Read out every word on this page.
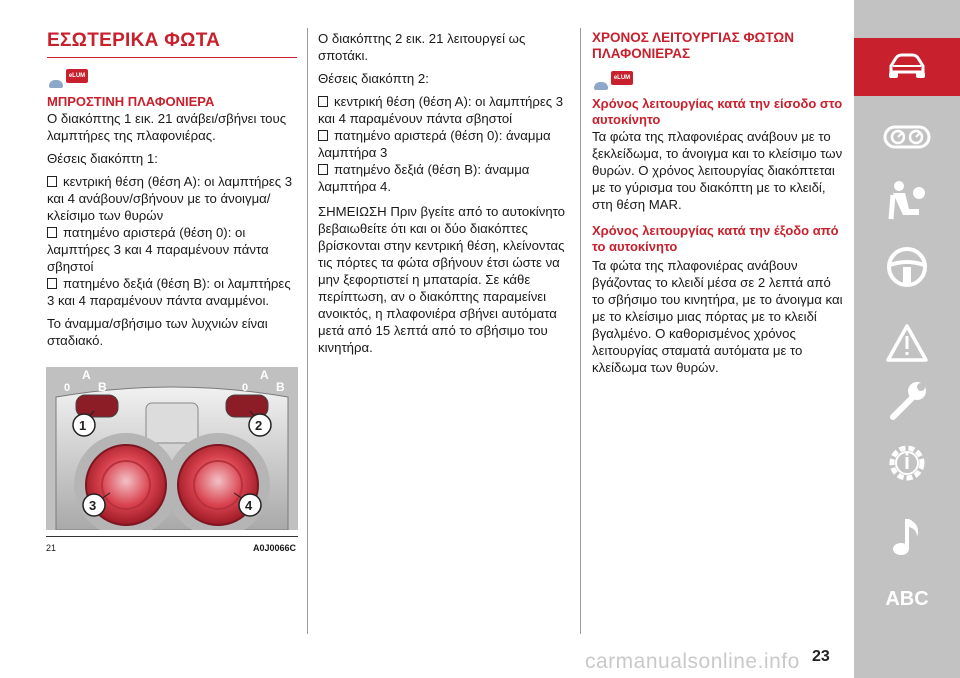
ΕΣΩΤΕΡΙΚΑ ΦΩΤΑ
eLUM
ΜΠΡΟΣΤΙΝΗ ΠΛΑΦΟΝΙΕΡΑ

Ο διακόπτης 1 εικ. 21 ανάβει/σβήνει τους λαμπτήρες της πλαφονιέρας.

Θέσεις διακόπτη 1:

κεντρική θέση (θέση Α): οι λαμπτήρες 3 και 4 ανάβουν/σβήνουν με το άνοιγμα/κλείσιμο των θυρών

πατημένο αριστερά (θέση 0): οι λαμπτήρες 3 και 4 παραμένουν πάντα σβηστοί

πατημένο δεξιά (θέση Β): οι λαμπτήρες 3 και 4 παραμένουν πάντα αναμμένοι.

Το άναμμα/σβήσιμο των λυχνιών είναι σταδιακό.

0
A
B	0
A
B
1	2
3	4
21	A0J0066C

Ο διακόπτης 2 εικ. 21 λειτουργεί ως σποτάκι.

Θέσεις διακόπτη 2:

κεντρική θέση (θέση Α): οι λαμπτήρες 3 και 4 παραμένουν πάντα σβηστοί

πατημένο αριστερά (θέση 0): άναμμα λαμπτήρα 3

πατημένο δεξιά (θέση Β): άναμμα λαμπτήρα 4.

ΣΗΜΕΙΩΣΗ Πριν βγείτε από το αυτοκίνητο βεβαιωθείτε ότι και οι δύο διακόπτες βρίσκονται στην κεντρική θέση, κλείνοντας τις πόρτες τα φώτα σβήνουν έτσι ώστε να μην ξεφορτιστεί η μπαταρία. Σε κάθε περίπτωση, αν ο διακόπτης παραμείνει ανοικτός, η πλαφονιέρα σβήνει αυτόματα μετά από 15 λεπτά από το σβήσιμο του κινητήρα.

ΧΡΟΝΟΣ ΛΕΙΤΟΥΡΓΙΑΣ ΦΩΤΩΝ ΠΛΑΦΟΝΙΕΡΑΣ
eLUM
Χρόνος λειτουργίας κατά την είσοδο στο αυτοκίνητο

Τα φώτα της πλαφονιέρας ανάβουν με το ξεκλείδωμα, το άνοιγμα και το κλείσιμο των θυρών. Ο χρόνος λειτουργίας διακόπτεται με το γύρισμα του διακόπτη με το κλειδί, στη θέση MAR.

Χρόνος λειτουργίας κατά την έξοδο από το αυτοκίνητο

Τα φώτα της πλαφονιέρας ανάβουν βγάζοντας το κλειδί μέσα σε 2 λεπτά από το σβήσιμο του κινητήρα, με το άνοιγμα και με το κλείσιμο μιας πόρτας με το κλειδί βγαλμένο. Ο καθορισμένος χρόνος λειτουργίας σταματά αυτόματα με το κλείδωμα των θυρών.

ABC
carmanualsonline.info 23
